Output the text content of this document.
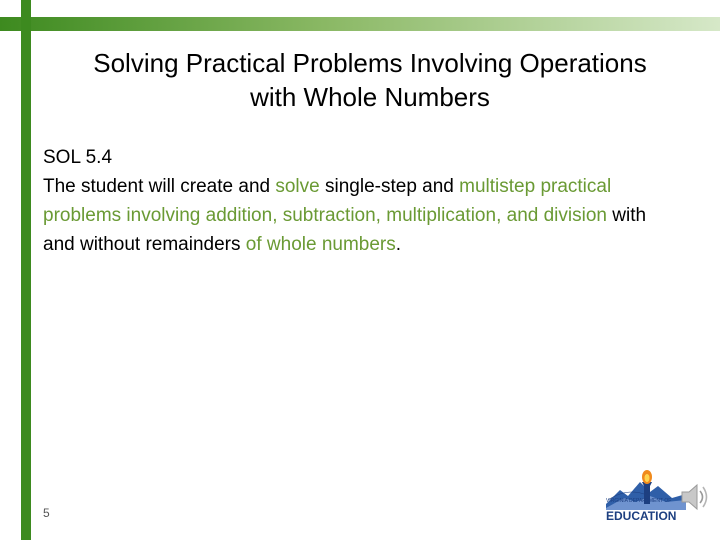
Solving Practical Problems Involving Operations
with Whole Numbers
SOL 5.4
The student will create and solve single-step and multistep practical problems involving addition, subtraction, multiplication, and division with and without remainders of whole numbers.
5
VIRGINIA DEPARTMENT OF
EDUCATION
